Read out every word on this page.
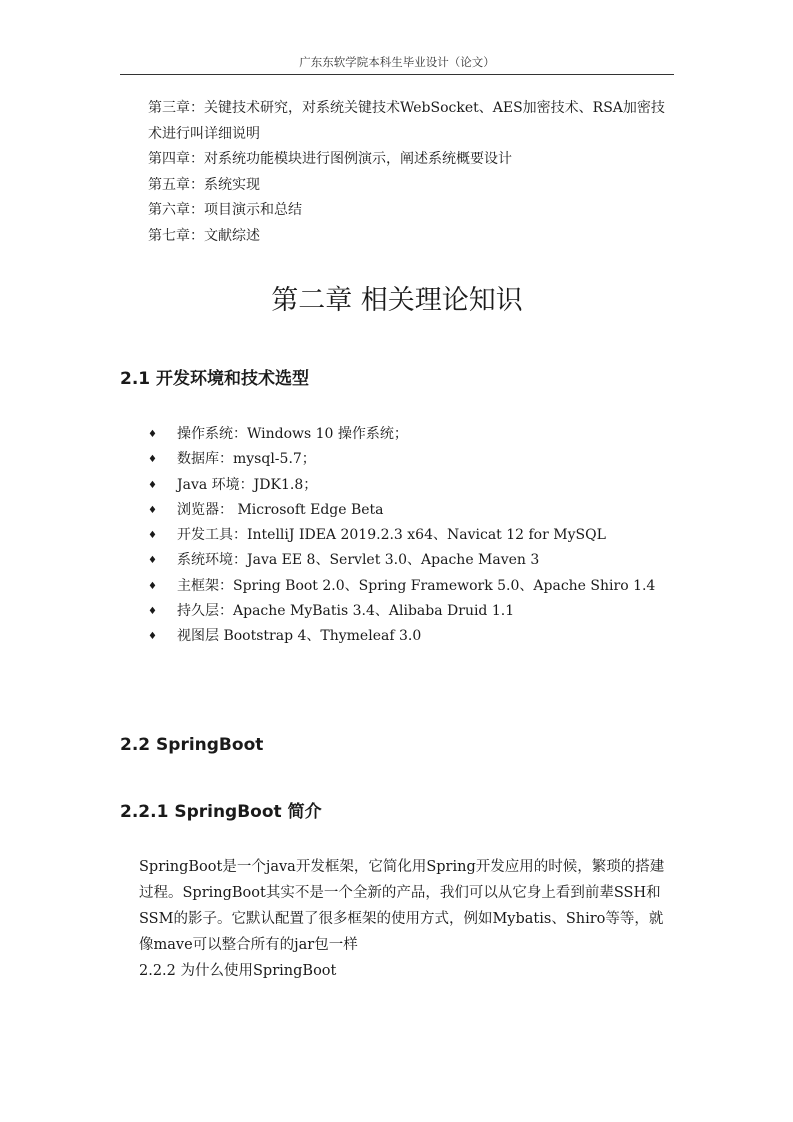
广东东软学院本科生毕业设计（论文）

第三章：关键技术研究，对系统关键技术WebSocket、AES加密技术、RSA加密技术进行叫详细说明

第四章：对系统功能模块进行图例演示，阐述系统概要设计

第五章：系统实现

第六章：项目演示和总结

第七章：文献综述

第二章 相关理论知识
2.1 开发环境和技术选型
♦ 操作系统：Windows 10 操作系统；
♦ 数据库：mysql-5.7；
♦ Java 环境：JDK1.8；
♦ 浏览器： Microsoft Edge Beta
♦ 开发工具：IntelliJ IDEA 2019.2.3 x64、Navicat 12 for MySQL
♦ 系统环境：Java EE 8、Servlet 3.0、Apache Maven 3
♦ 主框架：Spring Boot 2.0、Spring Framework 5.0、Apache Shiro 1.4
♦ 持久层：Apache MyBatis 3.4、Alibaba Druid 1.1
♦ 视图层 Bootstrap 4、Thymeleaf 3.0
2.2 SpringBoot
2.2.1 SpringBoot 简介

SpringBoot是一个java开发框架，它简化用Spring开发应用的时候，繁琐的搭建过程。SpringBoot其实不是一个全新的产品，我们可以从它身上看到前辈SSH和SSM的影子。它默认配置了很多框架的使用方式，例如Mybatis、Shiro等等，就像mave可以整合所有的jar包一样

2.2.2 为什么使用SpringBoot
